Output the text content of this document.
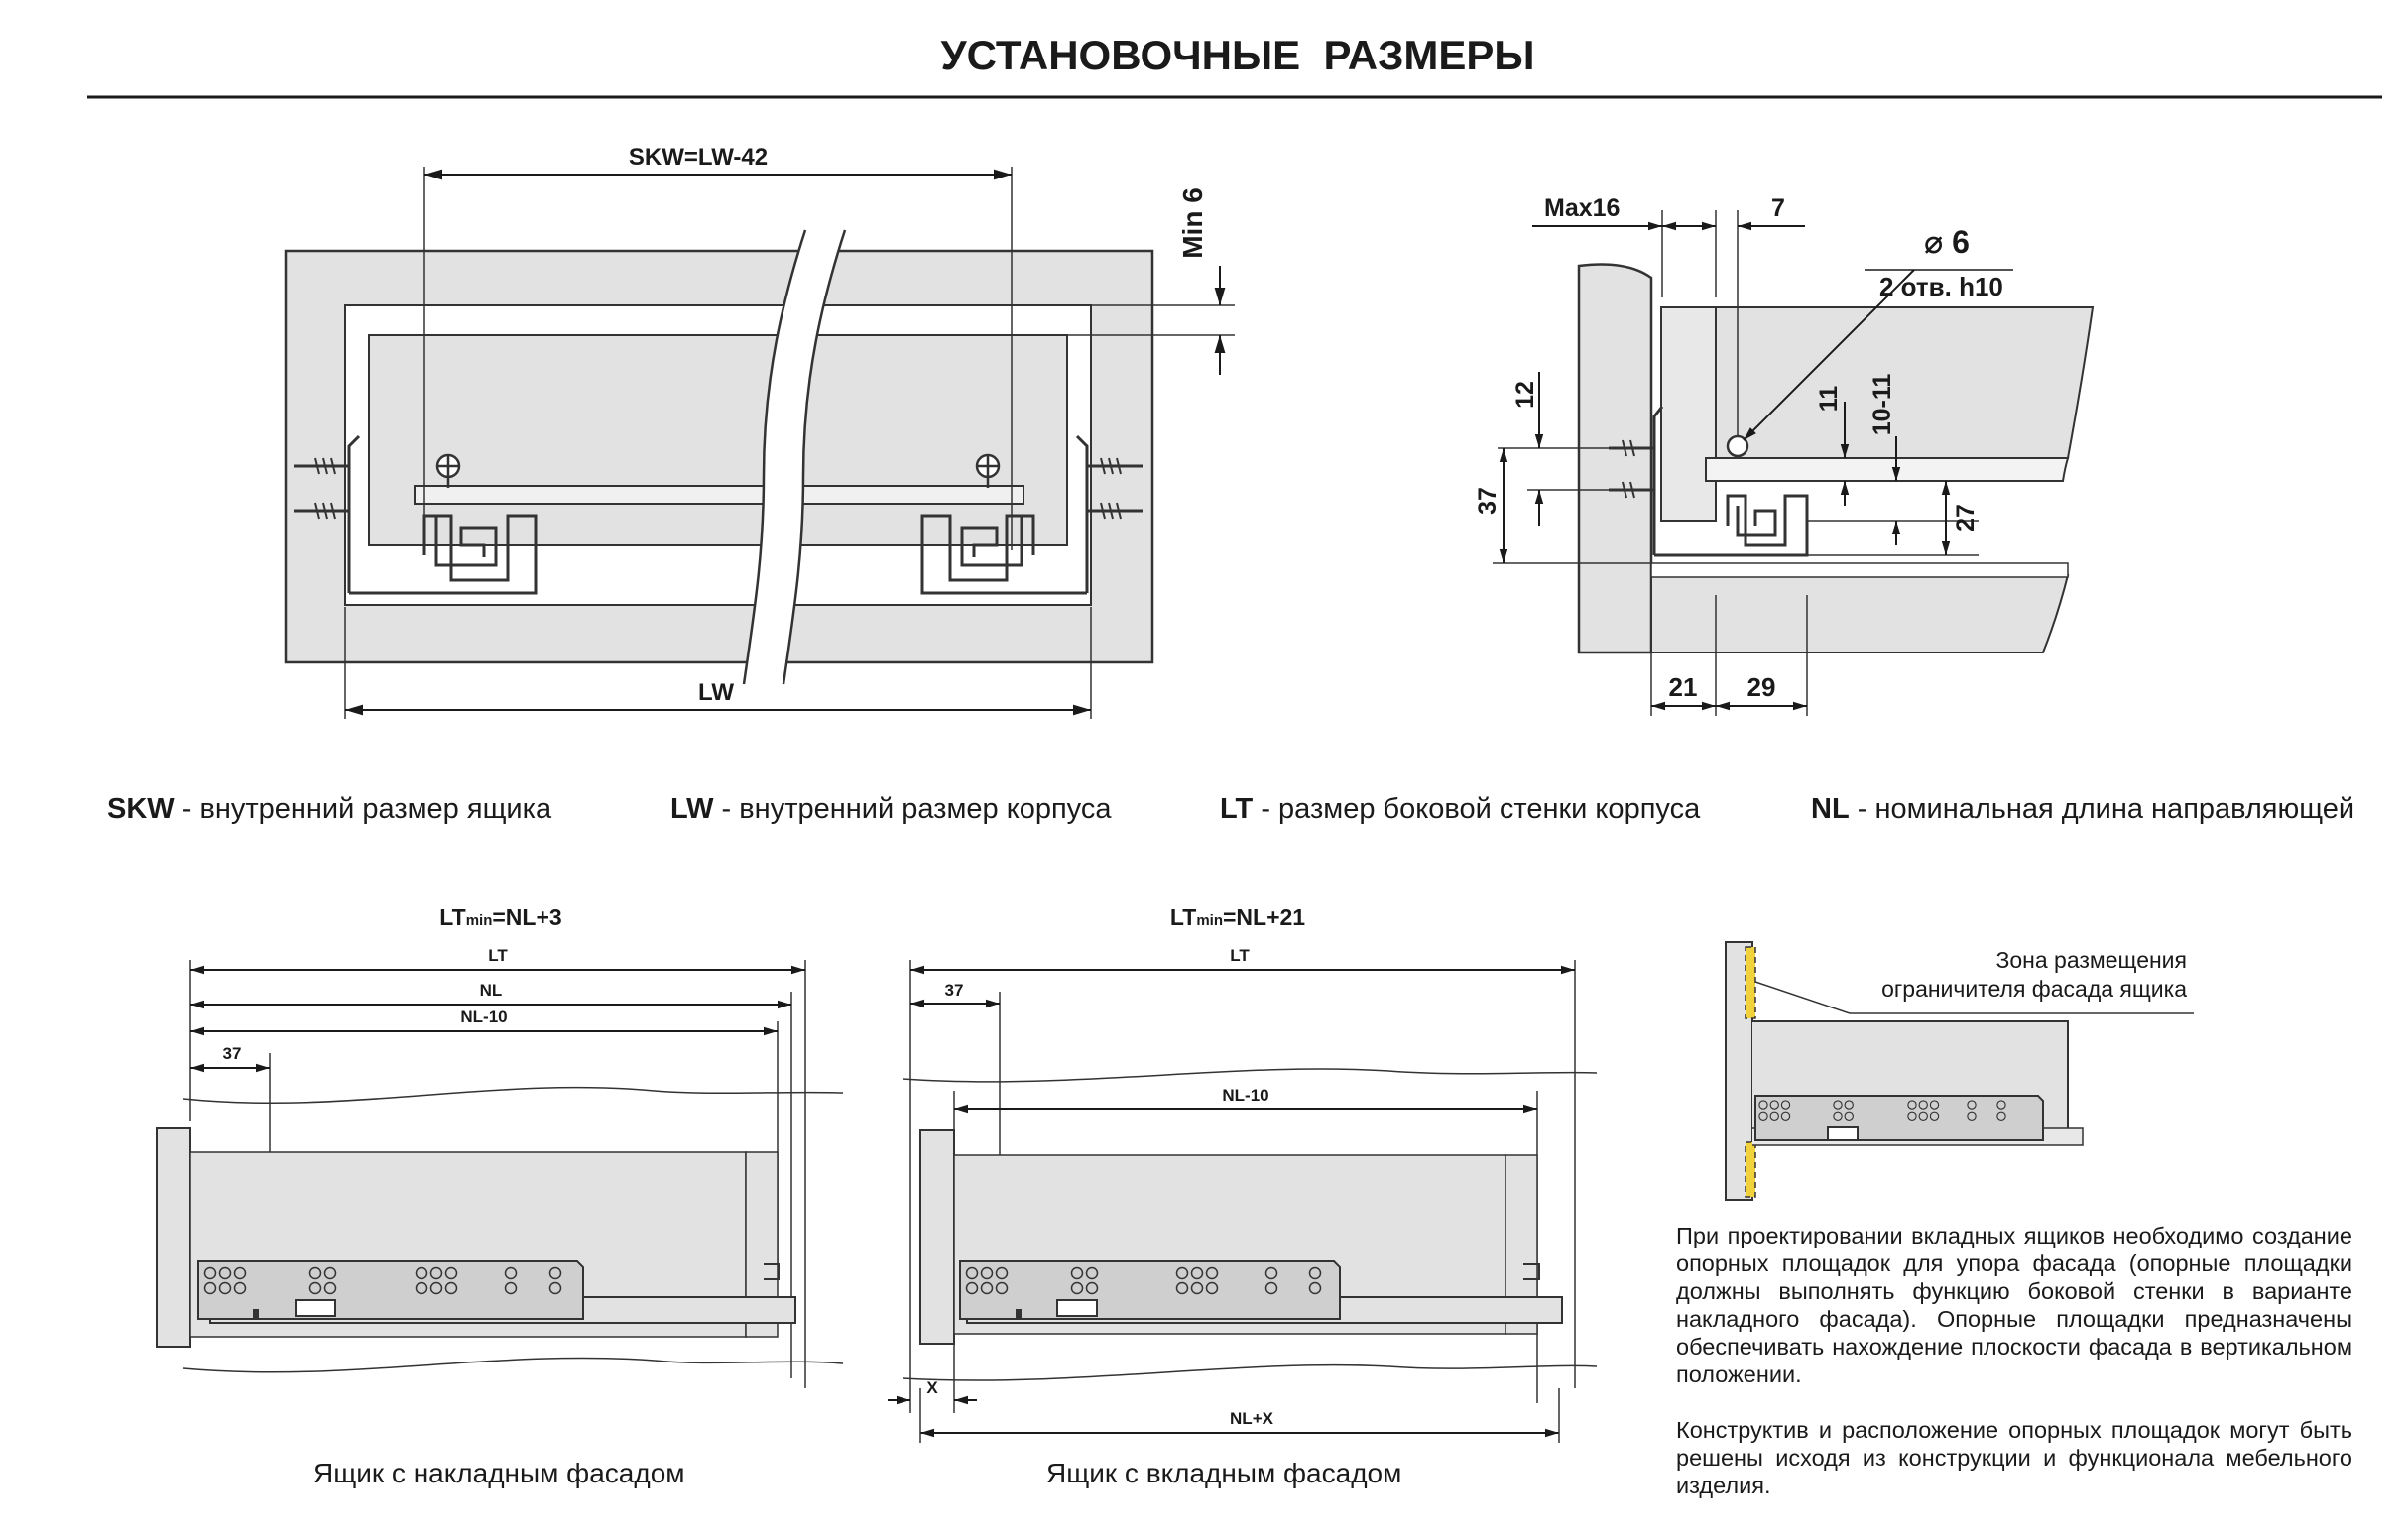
УСТАНОВОЧНЫЕ  РАЗМЕРЫ
SKW=LW-42
LW
Min 6	Max16	7
⌀ 6
2 отв. h10
12
37
11 10-11
27
21 29
LTmin=NL+3
LT
NL
NL-10
37
LTmin=NL+21
LT
37
NL-10
X
NL+X
Зона размещения
ограничителя фасада ящика
SKW - внутренний размер ящика	LW - внутренний размер корпуса	LT - размер боковой стенки корпуса	NL - номинальная длина направляющей
Ящик с накладным фасадом	Ящик с вкладным фасадом

При проектировании вкладных ящиков необходимо создание опорных площадок для упора фасада (опорные площадки должны выполнять функцию боковой стенки в варианте накладного фасада). Опорные площадки предназначены обеспечивать нахождение плоскости фасада в вертикальном положении.

Конструктив и расположение опорных площадок могут быть решены исходя из конструкции и функционала мебельного изделия.
